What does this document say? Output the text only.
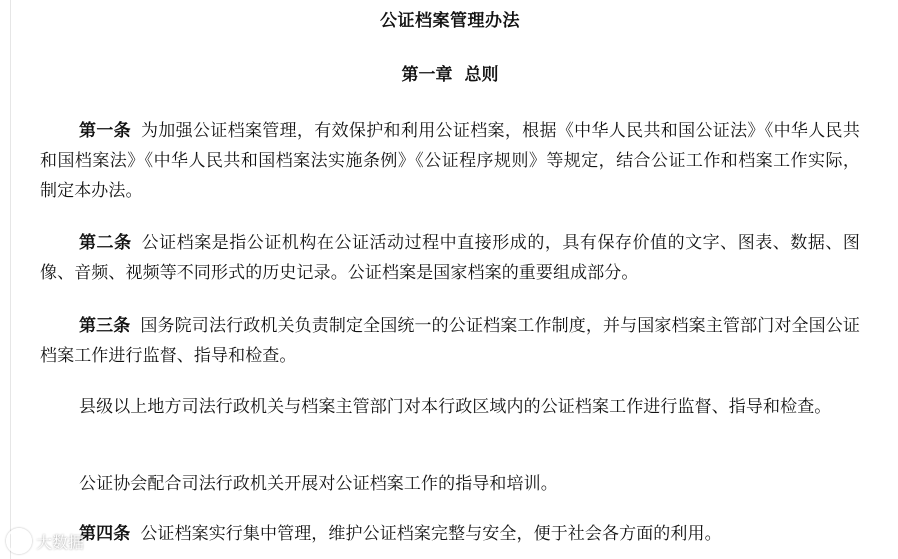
公证档案管理办法
第一章 总则
第一条 为加强公证档案管理，有效保护和利用公证档案，根据《中华人民共和国公证法》《中华人民共和国档案法》《中华人民共和国档案法实施条例》《公证程序规则》等规定，结合公证工作和档案工作实际，制定本办法。
第二条 公证档案是指公证机构在公证活动过程中直接形成的，具有保存价值的文字、图表、数据、图像、音频、视频等不同形式的历史记录。公证档案是国家档案的重要组成部分。
第三条 国务院司法行政机关负责制定全国统一的公证档案工作制度，并与国家档案主管部门对全国公证档案工作进行监督、指导和检查。
县级以上地方司法行政机关与档案主管部门对本行政区域内的公证档案工作进行监督、指导和检查。
公证协会配合司法行政机关开展对公证档案工作的指导和培训。
第四条 公证档案实行集中管理，维护公证档案完整与安全，便于社会各方面的利用。
大数据
